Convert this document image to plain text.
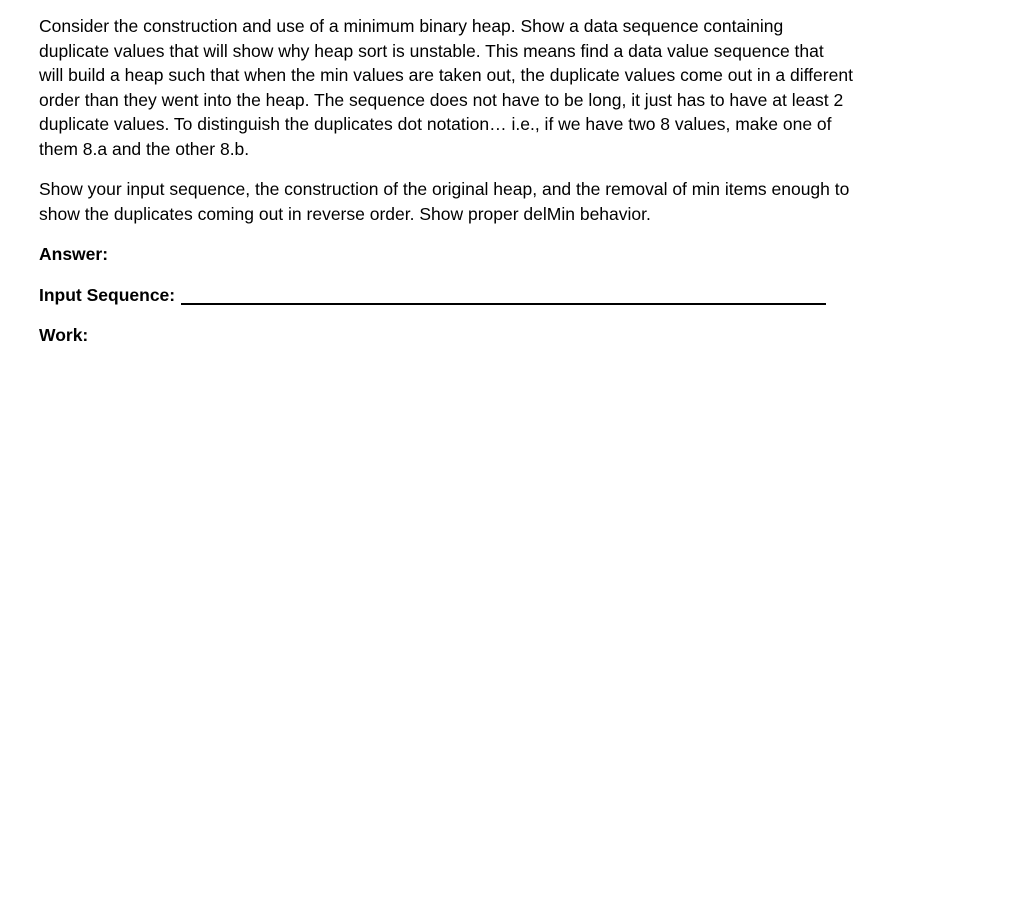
Consider the construction and use of a minimum binary heap. Show a data sequence containing
duplicate values that will show why heap sort is unstable. This means find a data value sequence that
will build a heap such that when the min values are taken out, the duplicate values come out in a different
order than they went into the heap. The sequence does not have to be long, it just has to have at least 2
duplicate values. To distinguish the duplicates dot notation… i.e., if we have two 8 values, make one of
them 8.a and the other 8.b.

Show your input sequence, the construction of the original heap, and the removal of min items enough to
show the duplicates coming out in reverse order. Show proper delMin behavior.

Answer:

Input Sequence:

Work:
